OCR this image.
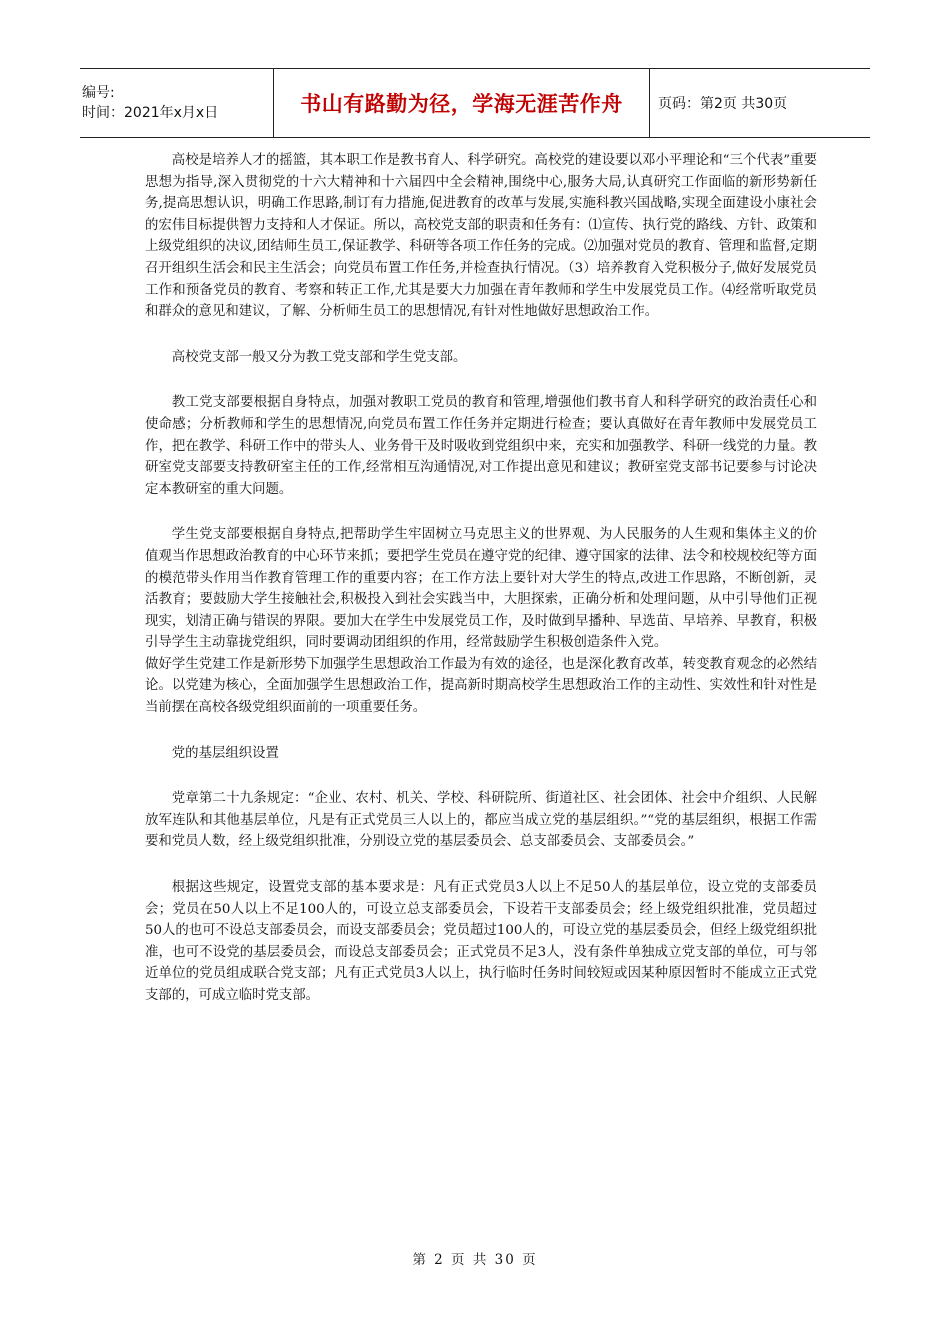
编号:
时间：2021年x月x日	书山有路勤为径，学海无涯苦作舟	页码：第2页 共30页

高校是培养人才的摇篮，其本职工作是教书育人、科学研究。高校党的建设要以邓小平理论和“三个代表”重要思想为指导,深入贯彻党的十六大精神和十六届四中全会精神,围绕中心,服务大局,认真研究工作面临的新形势新任务,提高思想认识，明确工作思路,制订有力措施,促进教育的改革与发展,实施科教兴国战略,实现全面建设小康社会的宏伟目标提供智力支持和人才保证。所以，高校党支部的职责和任务有：⑴宣传、执行党的路线、方针、政策和上级党组织的决议,团结师生员工,保证教学、科研等各项工作任务的完成。⑵加强对党员的教育、管理和监督,定期召开组织生活会和民主生活会；向党员布置工作任务,并检查执行情况。（3）培养教育入党积极分子,做好发展党员工作和预备党员的教育、考察和转正工作,尤其是要大力加强在青年教师和学生中发展党员工作。⑷经常听取党员和群众的意见和建议，了解、分析师生员工的思想情况,有针对性地做好思想政治工作。

高校党支部一般又分为教工党支部和学生党支部。

教工党支部要根据自身特点，加强对教职工党员的教育和管理,增强他们教书育人和科学研究的政治责任心和使命感；分析教师和学生的思想情况,向党员布置工作任务并定期进行检查；要认真做好在青年教师中发展党员工作，把在教学、科研工作中的带头人、业务骨干及时吸收到党组织中来，充实和加强教学、科研一线党的力量。教研室党支部要支持教研室主任的工作,经常相互沟通情况,对工作提出意见和建议；教研室党支部书记要参与讨论决定本教研室的重大问题。

学生党支部要根据自身特点,把帮助学生牢固树立马克思主义的世界观、为人民服务的人生观和集体主义的价值观当作思想政治教育的中心环节来抓；要把学生党员在遵守党的纪律、遵守国家的法律、法令和校规校纪等方面的模范带头作用当作教育管理工作的重要内容；在工作方法上要针对大学生的特点,改进工作思路，不断创新，灵活教育；要鼓励大学生接触社会,积极投入到社会实践当中，大胆探索，正确分析和处理问题，从中引导他们正视现实，划清正确与错误的界限。要加大在学生中发展党员工作，及时做到早播种、早选苗、早培养、早教育，积极引导学生主动靠拢党组织，同时要调动团组织的作用，经常鼓励学生积极创造条件入党。

做好学生党建工作是新形势下加强学生思想政治工作最为有效的途径，也是深化教育改革，转变教育观念的必然结论。以党建为核心，全面加强学生思想政治工作，提高新时期高校学生思想政治工作的主动性、实效性和针对性是当前摆在高校各级党组织面前的一项重要任务。

党的基层组织设置

党章第二十九条规定：“企业、农村、机关、学校、科研院所、街道社区、社会团体、社会中介组织、人民解放军连队和其他基层单位，凡是有正式党员三人以上的，都应当成立党的基层组织。”“党的基层组织，根据工作需要和党员人数，经上级党组织批准，分别设立党的基层委员会、总支部委员会、支部委员会。”

根据这些规定，设置党支部的基本要求是：凡有正式党员3人以上不足50人的基层单位，设立党的支部委员会；党员在50人以上不足100人的，可设立总支部委员会，下设若干支部委员会；经上级党组织批准，党员超过50人的也可不设总支部委员会，而设支部委员会；党员超过100人的，可设立党的基层委员会，但经上级党组织批准，也可不设党的基层委员会，而设总支部委员会；正式党员不足3人，没有条件单独成立党支部的单位，可与邻近单位的党员组成联合党支部；凡有正式党员3人以上，执行临时任务时间较短或因某种原因暂时不能成立正式党支部的，可成立临时党支部。

第 2 页 共 30 页
